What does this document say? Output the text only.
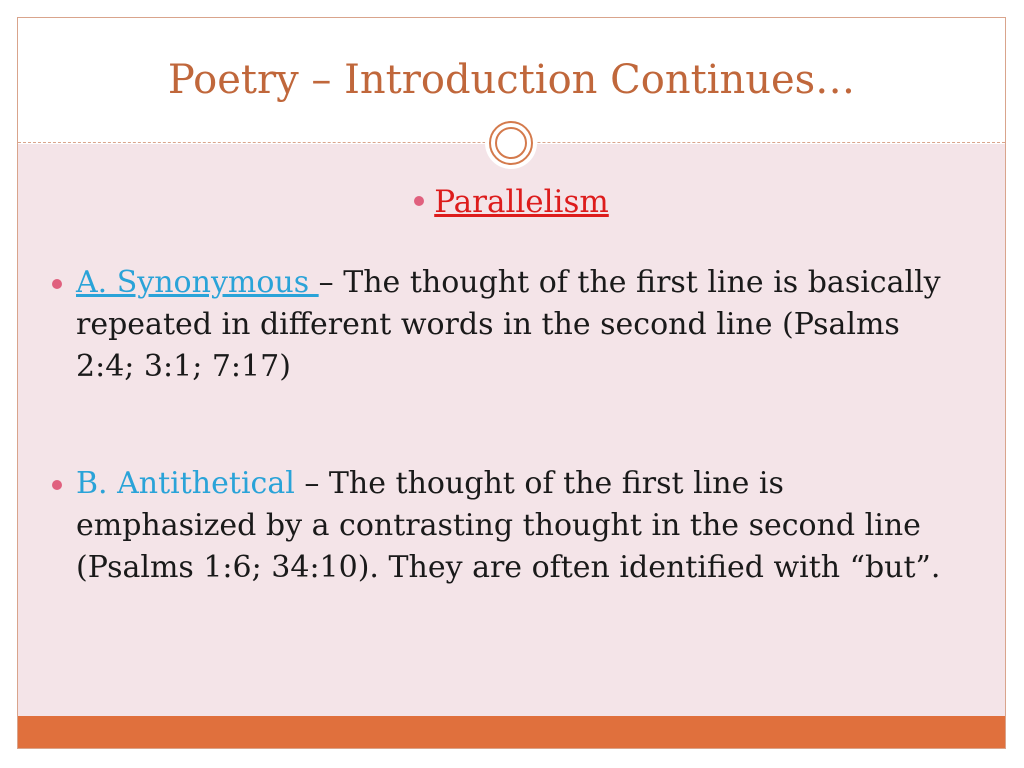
Poetry – Introduction Continues…
Parallelism
A. Synonymous – The thought of the first line is basically repeated in different words in the second line (Psalms 2:4; 3:1; 7:17)
B. Antithetical – The thought of the first line is emphasized by a contrasting thought in the second line (Psalms 1:6; 34:10). They are often identified with “but”.
